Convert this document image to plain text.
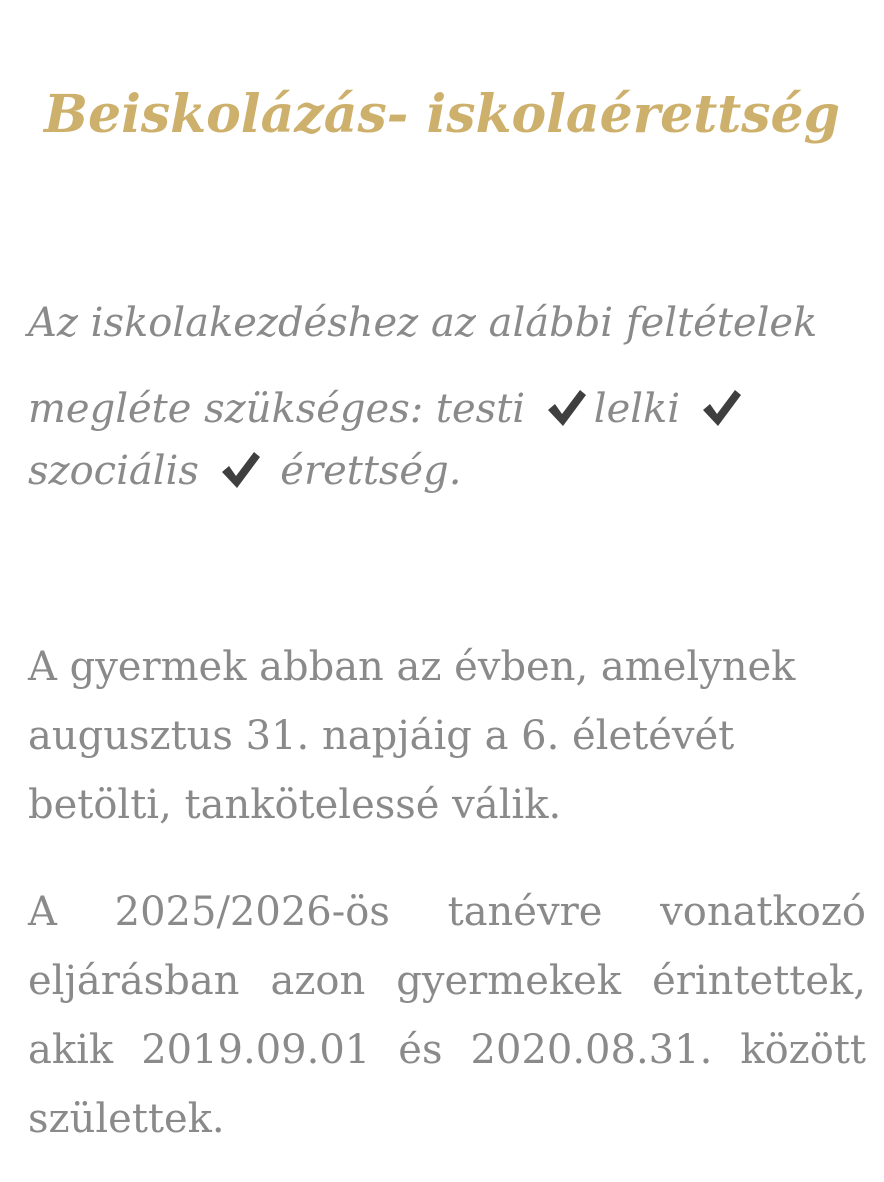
Beiskolázás- iskolaérettség

Az iskolakezdéshez az alábbi feltételek
megléte szükséges: testi lelki
szociális érettség.

A gyermek abban az évben, amelynek
augusztus 31. napjáig a 6. életévét
betölti, tankötelessé válik.

A 2025/2026-ös tanévre vonatkozó
eljárásban azon gyermekek érintettek,
akik 2019.09.01 és 2020.08.31. között
születtek.
